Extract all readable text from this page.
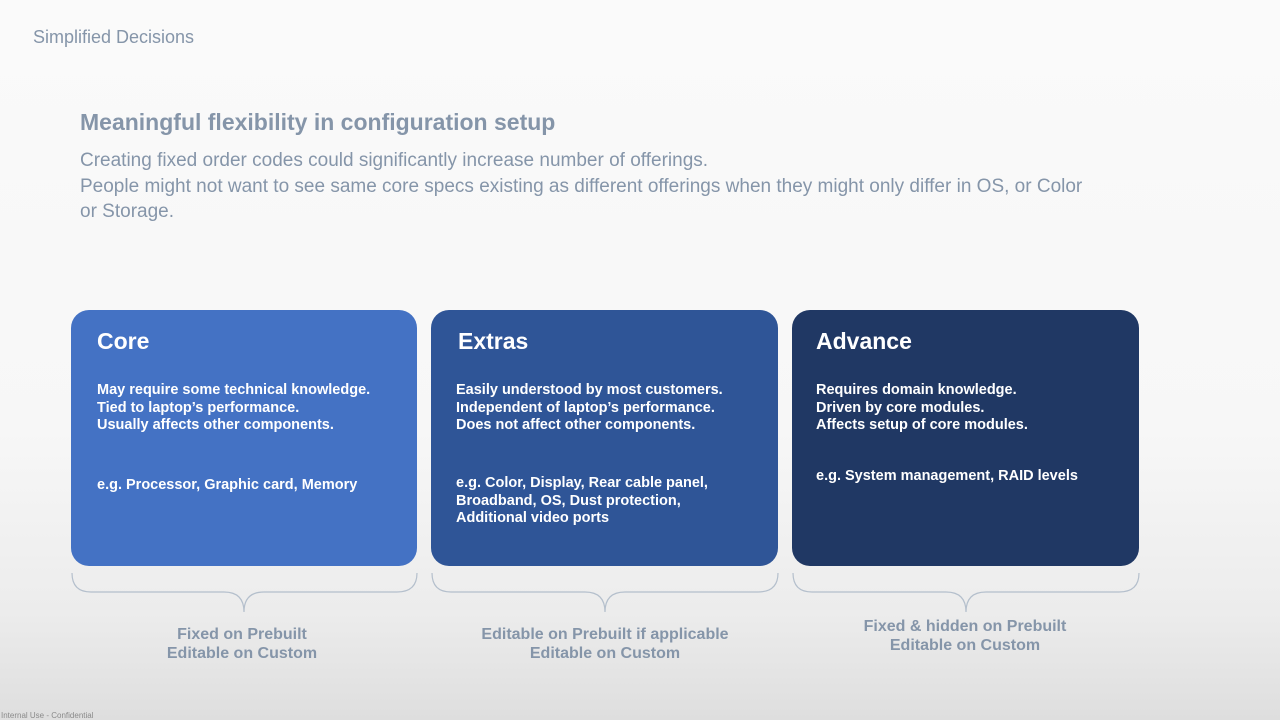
Simplified Decisions
Meaningful flexibility in configuration setup

Creating fixed order codes could significantly increase number of offerings.

People might not want to see same core specs existing as different offerings when they might only differ in OS, or Color or Storage.

Core
May require some technical knowledge.
Tied to laptop’s performance.
Usually affects other components.
e.g. Processor, Graphic card, Memory
Extras
Easily understood by most customers.
Independent of laptop’s performance.
Does not affect other components.
e.g. Color, Display, Rear cable panel,
Broadband, OS, Dust protection,
Additional video ports
Advance
Requires domain knowledge.
Driven by core modules.
Affects setup of core modules.
e.g. System management, RAID levels
Fixed on Prebuilt
Editable on Custom
Editable on Prebuilt if applicable
Editable on Custom
Fixed & hidden on Prebuilt
Editable on Custom
Internal Use - Confidential
